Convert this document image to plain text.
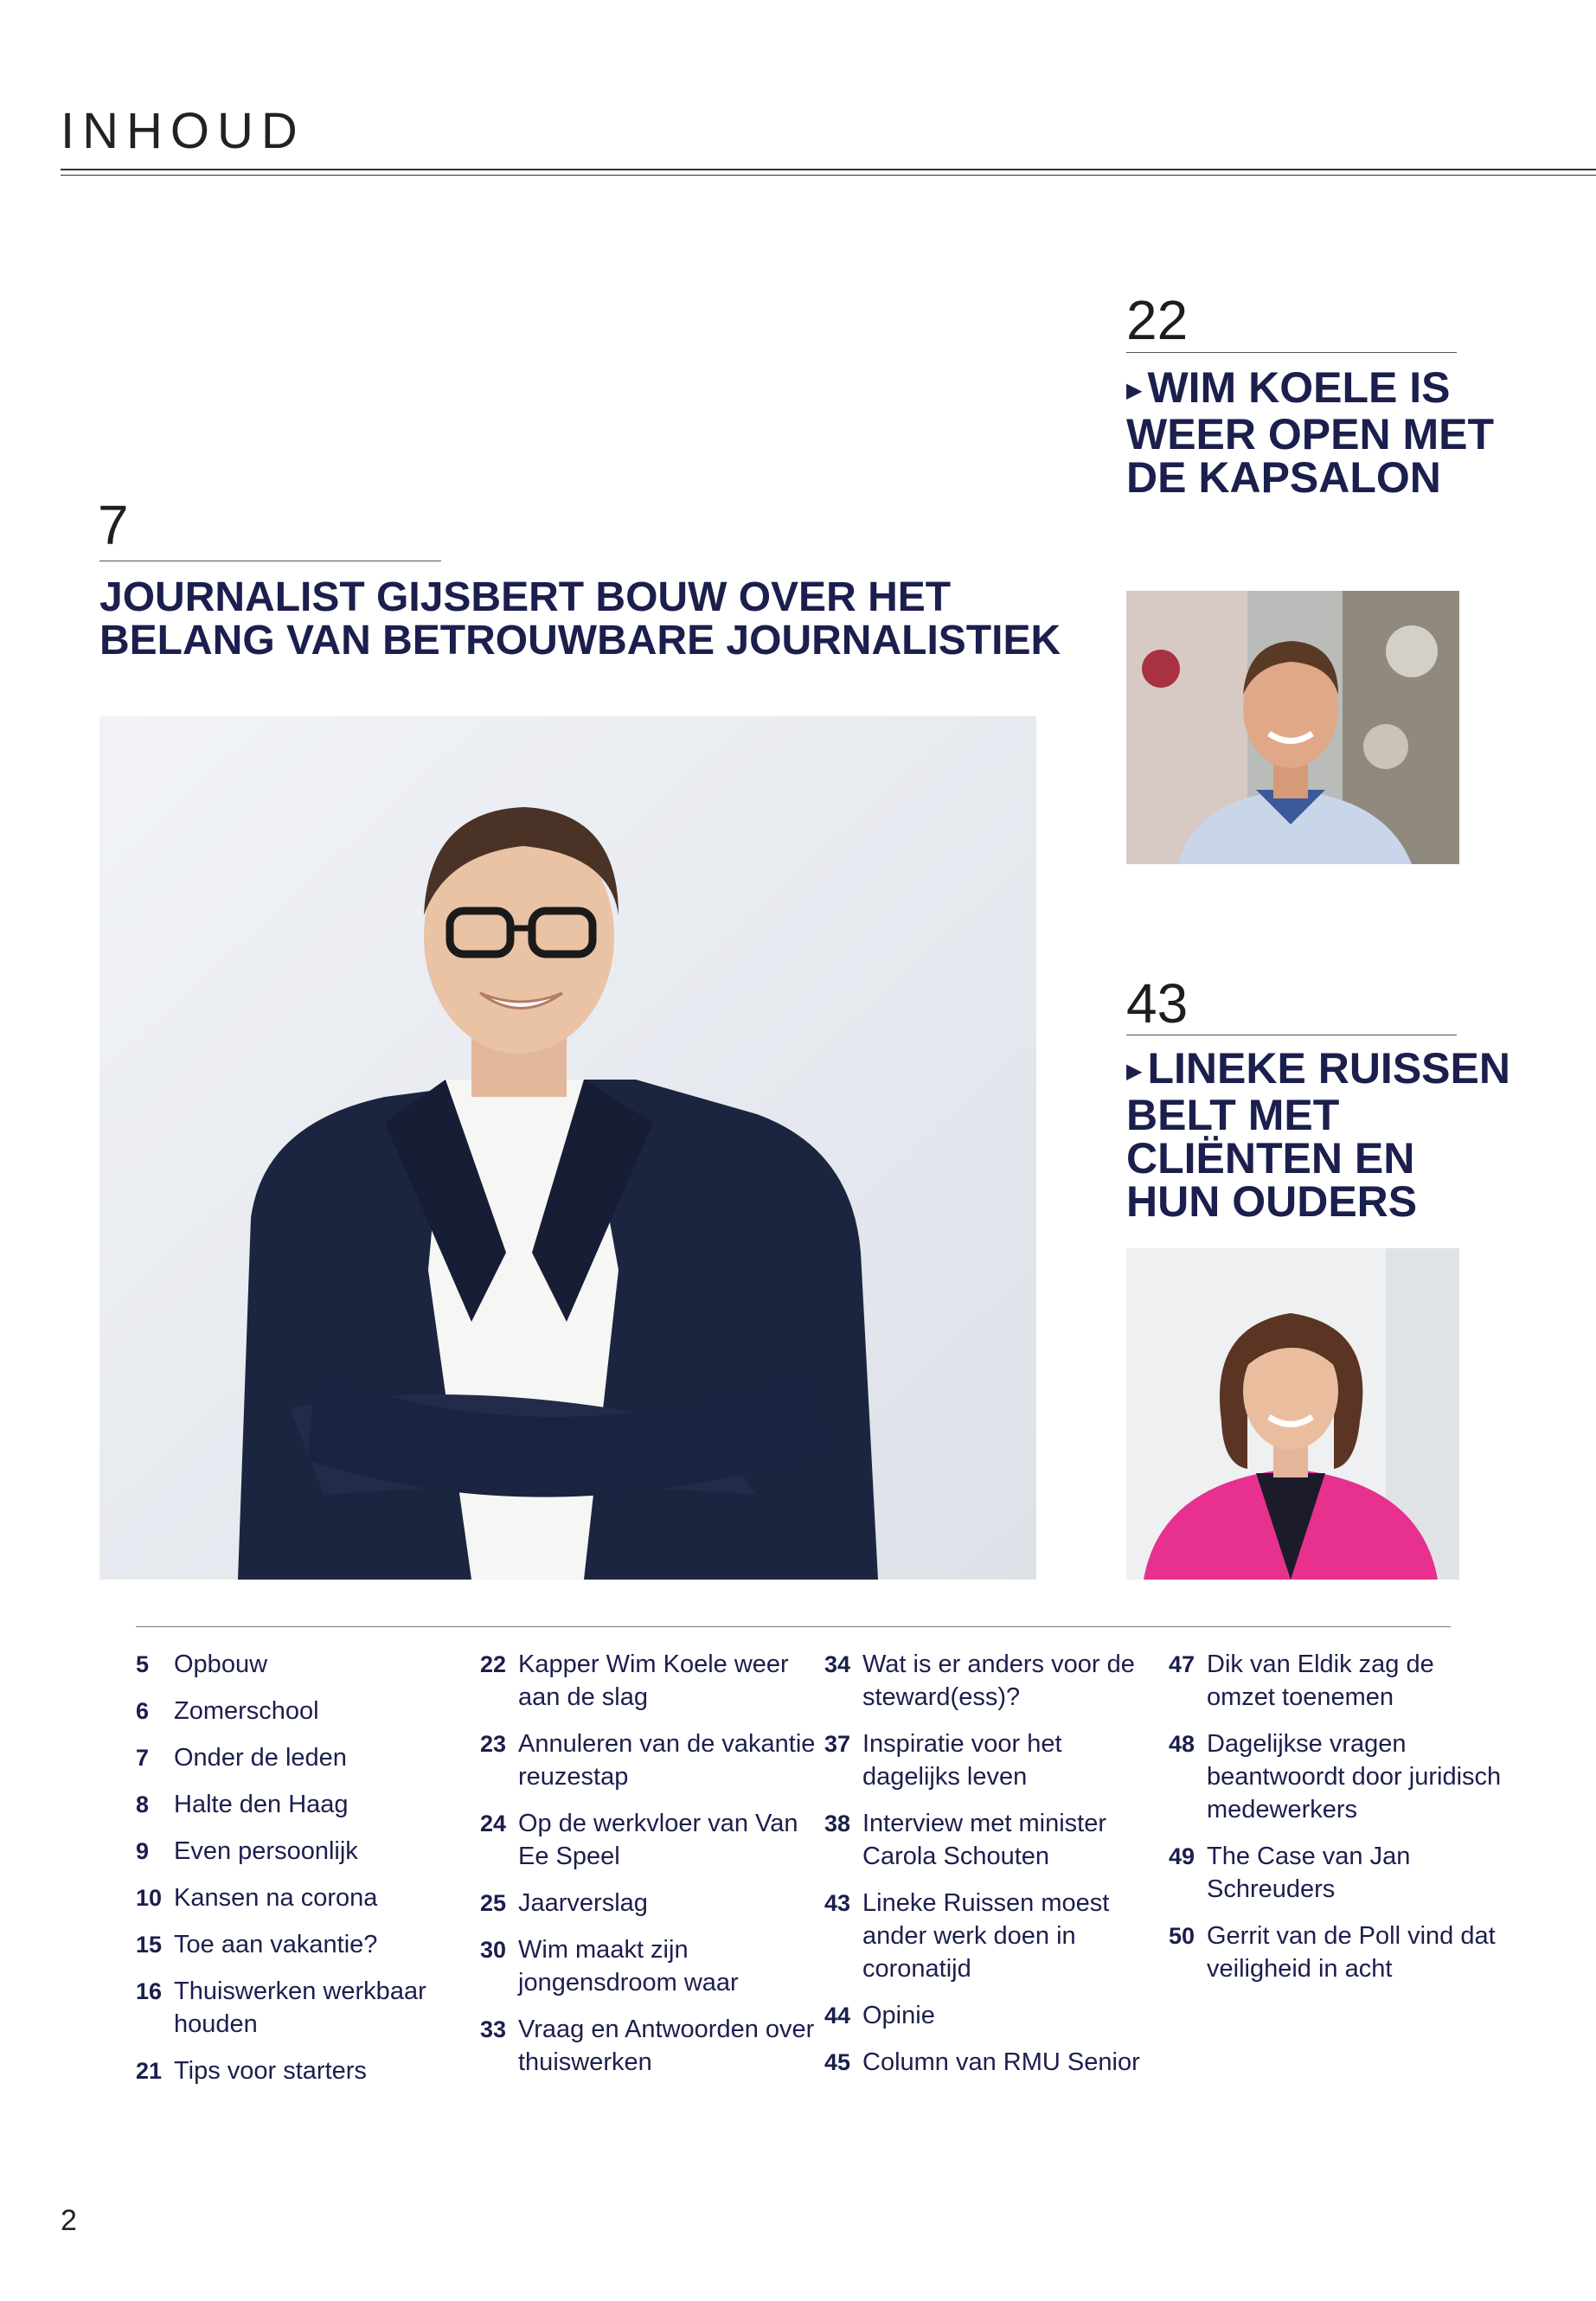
INHOUD
7
JOURNALIST GIJSBERT BOUW OVER HET
BELANG VAN BETROUWBARE JOURNALISTIEK
22
▶ WIM KOELE IS
WEER OPEN MET
DE KAPSALON
43
▶ LINEKE RUISSEN
BELT MET
CLIËNTEN EN
HUN OUDERS
5 Opbouw
6 Zomerschool
7 Onder de leden
8 Halte den Haag
9 Even persoonlijk
10 Kansen na corona
15 Toe aan vakantie?
16 Thuiswerken werkbaar houden
21 Tips voor starters
22 Kapper Wim Koele weer aan de slag
23 Annuleren van de vakantie reuzestap
24 Op de werkvloer van Van Ee Speel
25 Jaarverslag
30 Wim maakt zijn jongensdroom waar
33 Vraag en Antwoorden over thuiswerken
34 Wat is er anders voor de steward(ess)?
37 Inspiratie voor het dagelijks leven
38 Interview met minister Carola Schouten
43 Lineke Ruissen moest ander werk doen in coronatijd
44 Opinie
45 Column van RMU Senior
47 Dik van Eldik zag de omzet toenemen
48 Dagelijkse vragen beantwoordt door juridisch medewerkers
49 The Case van Jan Schreuders
50 Gerrit van de Poll vind dat veiligheid in acht
2
